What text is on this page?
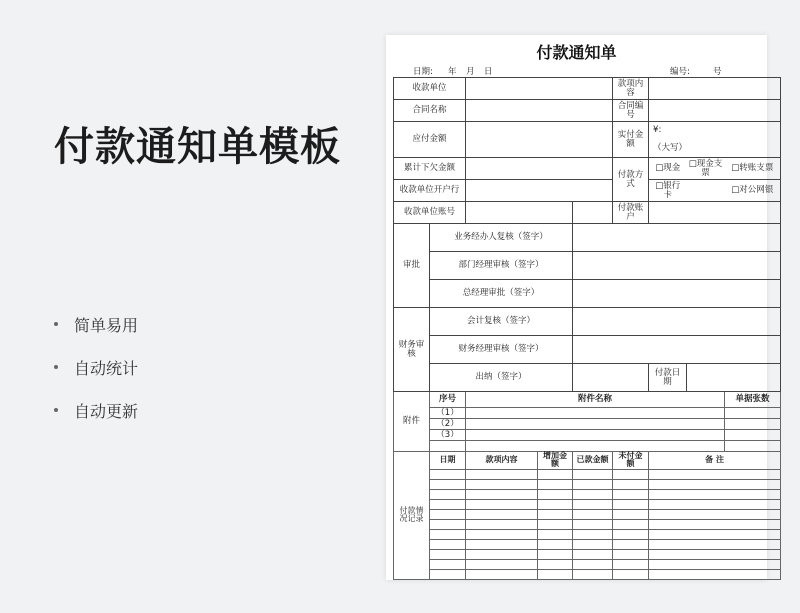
付款通知单模板
简单易用
自动统计
自动更新
付款通知单
日期: 年 月 日	编号:	号
收款单位					款项内容			
合同名称					合同编号			
应付金额					实付金额	¥:		
						（大写）		
累计下欠金额					付款方式	□现金	□现金支票	□转账支票
收款单位开户行						□银行卡		□对公网银
收款单位账号					付款账户			
审批	业务经办人复核（签字）							
	部门经理审核（签字）							
	总经理审批（签字）							
财务审核	会计复核（签字）							
	财务经理审核（签字）							
	出纳（签字）					付款日期		
附件	序号	附件名称						单据张数
	（1）							
	（2）							
	（3）							

付款情况记录	日期	款项内容	增加金额	已款金额	未付金额	备 注		
